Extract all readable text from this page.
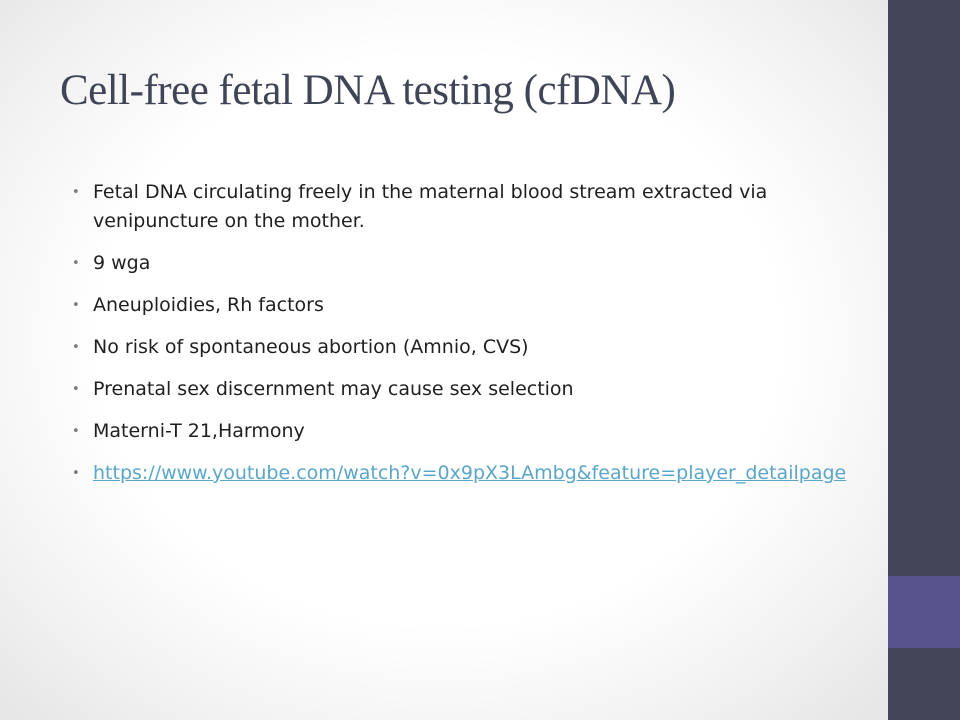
Cell-free fetal DNA testing (cfDNA)
• Fetal DNA circulating freely in the maternal blood stream extracted via venipuncture on the mother.
• 9 wga
• Aneuploidies, Rh factors
• No risk of spontaneous abortion (Amnio, CVS)
• Prenatal sex discernment may cause sex selection
• Materni-T 21,Harmony
• https://www.youtube.com/watch?v=0x9pX3LAmbg&feature=player_detailpage
